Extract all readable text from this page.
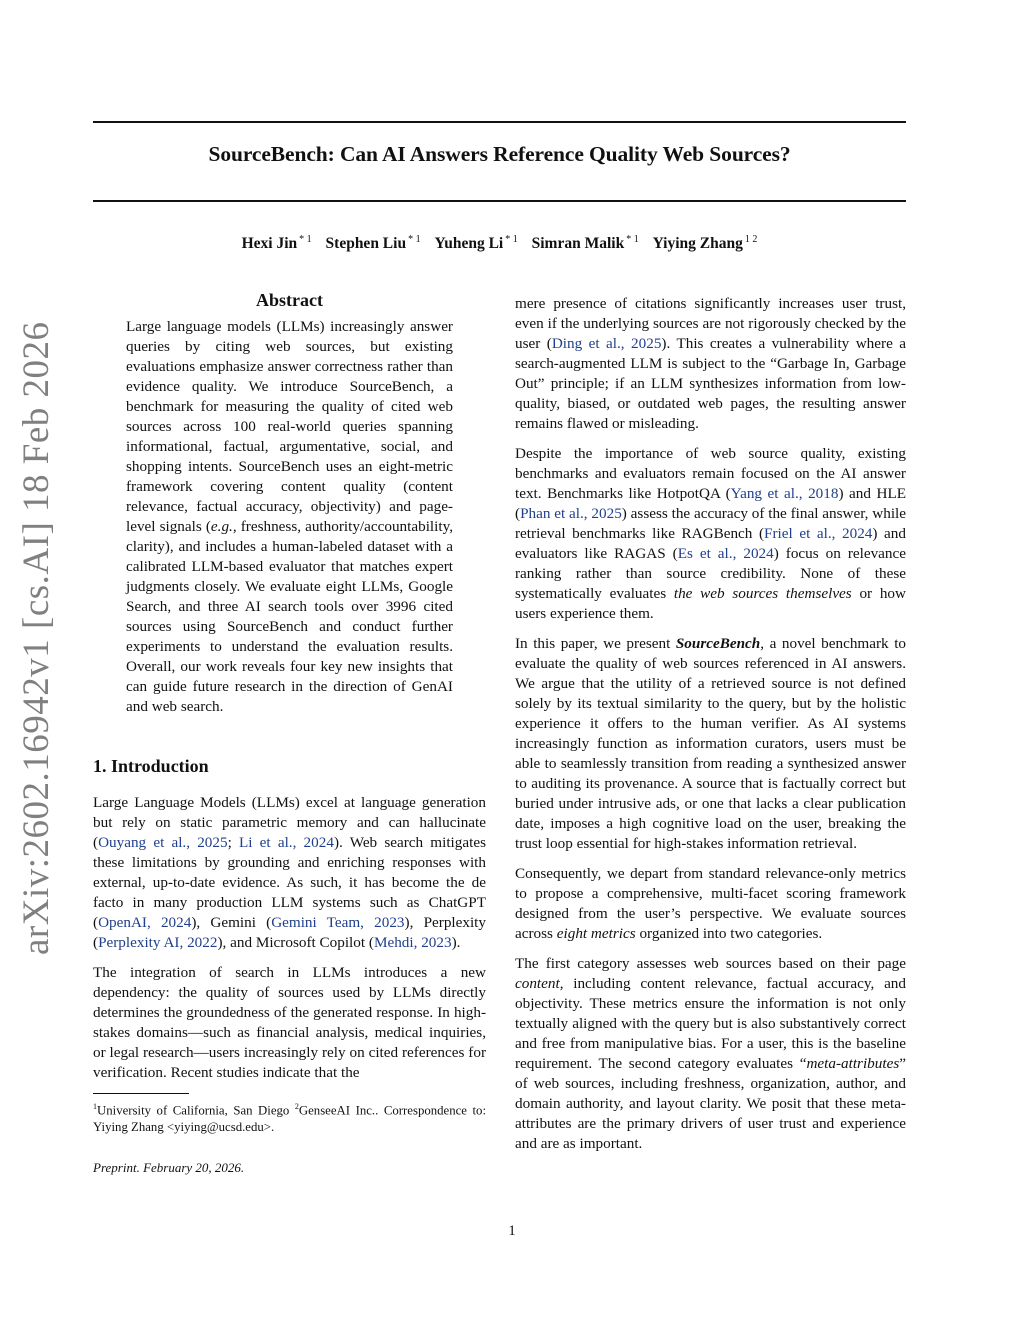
SourceBench: Can AI Answers Reference Quality Web Sources?
Hexi Jin $^{* 1}$ Stephen Liu $^{* 1}$ Yuheng Li $^{* 1}$ Simran Malik $^{* 1}$ Yiying Zhang $^{1 2}$
arXiv:2602.16942v1 [cs.AI] 18 Feb 2026
Abstract

Large language models (LLMs) increasingly answer queries by citing web sources, but existing evaluations emphasize answer correctness rather than evidence quality. We introduce SourceBench, a benchmark for measuring the quality of cited web sources across 100 real-world queries spanning informational, factual, argumentative, social, and shopping intents. SourceBench uses an eight-metric framework covering content quality (content relevance, factual accuracy, objectivity) and page-level signals (e.g., freshness, authority/accountability, clarity), and includes a human-labeled dataset with a calibrated LLM-based evaluator that matches expert judgments closely. We evaluate eight LLMs, Google Search, and three AI search tools over 3996 cited sources using SourceBench and conduct further experiments to understand the evaluation results. Overall, our work reveals four key new insights that can guide future research in the direction of GenAI and web search.

1. Introduction

Large Language Models (LLMs) excel at language generation but rely on static parametric memory and can hallucinate (Ouyang et al., 2025; Li et al., 2024). Web search mitigates these limitations by grounding and enriching responses with external, up-to-date evidence. As such, it has become the de facto in many production LLM systems such as ChatGPT (OpenAI, 2024), Gemini (Gemini Team, 2023), Perplexity (Perplexity AI, 2022), and Microsoft Copilot (Mehdi, 2023).

The integration of search in LLMs introduces a new dependency: the quality of sources used by LLMs directly determines the groundedness of the generated response. In high-stakes domains—such as financial analysis, medical inquiries, or legal research—users increasingly rely on cited references for verification. Recent studies indicate that the

$^1$University of California, San Diego $^2$GenseeAI Inc.. Correspondence to: Yiying Zhang <yiying@ucsd.edu>.

Preprint. February 20, 2026.

mere presence of citations significantly increases user trust, even if the underlying sources are not rigorously checked by the user (Ding et al., 2025). This creates a vulnerability where a search-augmented LLM is subject to the “Garbage In, Garbage Out” principle; if an LLM synthesizes information from low-quality, biased, or outdated web pages, the resulting answer remains flawed or misleading.

Despite the importance of web source quality, existing benchmarks and evaluators remain focused on the AI answer text. Benchmarks like HotpotQA (Yang et al., 2018) and HLE (Phan et al., 2025) assess the accuracy of the final answer, while retrieval benchmarks like RAGBench (Friel et al., 2024) and evaluators like RAGAS (Es et al., 2024) focus on relevance ranking rather than source credibility. None of these systematically evaluates the web sources themselves or how users experience them.

In this paper, we present SourceBench, a novel benchmark to evaluate the quality of web sources referenced in AI answers. We argue that the utility of a retrieved source is not defined solely by its textual similarity to the query, but by the holistic experience it offers to the human verifier. As AI systems increasingly function as information curators, users must be able to seamlessly transition from reading a synthesized answer to auditing its provenance. A source that is factually correct but buried under intrusive ads, or one that lacks a clear publication date, imposes a high cognitive load on the user, breaking the trust loop essential for high-stakes information retrieval.

Consequently, we depart from standard relevance-only metrics to propose a comprehensive, multi-facet scoring framework designed from the user’s perspective. We evaluate sources across eight metrics organized into two categories.

The first category assesses web sources based on their page content, including content relevance, factual accuracy, and objectivity. These metrics ensure the information is not only textually aligned with the query but is also substantively correct and free from manipulative bias. For a user, this is the baseline requirement. The second category evaluates “meta-attributes” of web sources, including freshness, organization, author, and domain authority, and layout clarity. We posit that these meta-attributes are the primary drivers of user trust and experience and are as important.

1
